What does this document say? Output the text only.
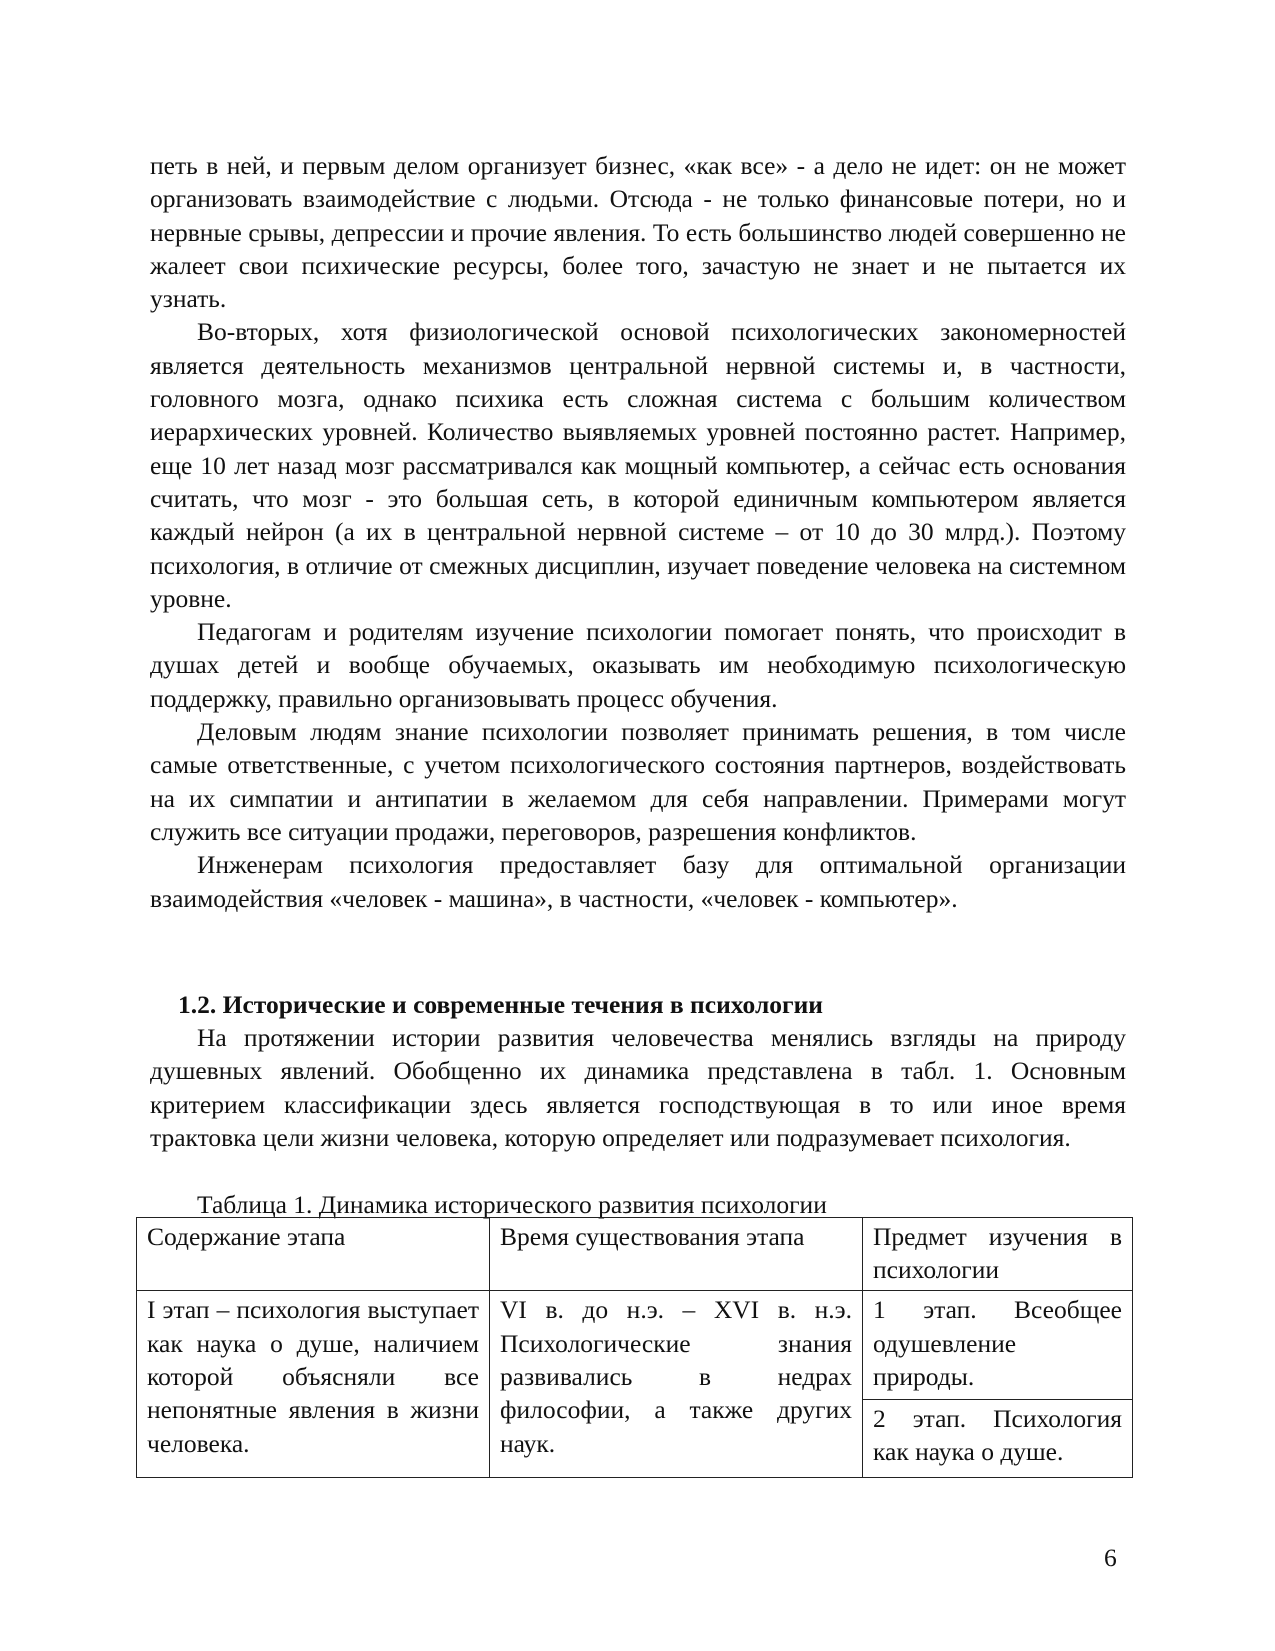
петь в ней, и первым делом организует бизнес, «как все» - а дело не идет: он не может организовать взаимодействие с людьми. Отсюда - не только финансовые потери, но и нервные срывы, депрессии и прочие явления. То есть большинство людей совершенно не жалеет свои психические ресурсы, более того, зачастую не знает и не пытается их узнать.

Во-вторых, хотя физиологической основой психологических закономерностей является деятельность механизмов центральной нервной системы и, в частности, головного мозга, однако психика есть сложная система с большим количеством иерархических уровней. Количество выявляемых уровней постоянно растет. Например, еще 10 лет назад мозг рассматривался как мощный компьютер, а сейчас есть основания считать, что мозг - это большая сеть, в которой единичным компьютером является каждый нейрон (а их в центральной нервной системе – от 10 до 30 млрд.). Поэтому психология, в отличие от смежных дисциплин, изучает поведение человека на системном уровне.

Педагогам и родителям изучение психологии помогает понять, что происходит в душах детей и вообще обучаемых, оказывать им необходимую психологическую поддержку, правильно организовывать процесс обучения.

Деловым людям знание психологии позволяет принимать решения, в том числе самые ответственные, с учетом психологического состояния партнеров, воздействовать на их симпатии и антипатии в желаемом для себя направлении. Примерами могут служить все ситуации продажи, переговоров, разрешения конфликтов.

Инженерам психология предоставляет базу для оптимальной организации взаимодействия «человек - машина», в частности, «человек - компьютер».

1.2. Исторические и современные течения в психологии

На протяжении истории развития человечества менялись взгляды на природу душевных явлений. Обобщенно их динамика представлена в табл. 1. Основным критерием классификации здесь является господствующая в то или иное время трактовка цели жизни человека, которую определяет или подразумевает психология.

Таблица 1. Динамика исторического развития психологии
Содержание этапа	Время существования этапа	Предмет изучения в психологии
I этап – психология выступает как наука о душе, наличием которой объясняли все непонятные явления в жизни человека.	VI в. до н.э. – XVI в. н.э. Психологические знания развивались в недрах философии, а также других наук.	1 этап. Всеобщее одушевление природы.
		2 этап. Психология как наука о душе.
6
